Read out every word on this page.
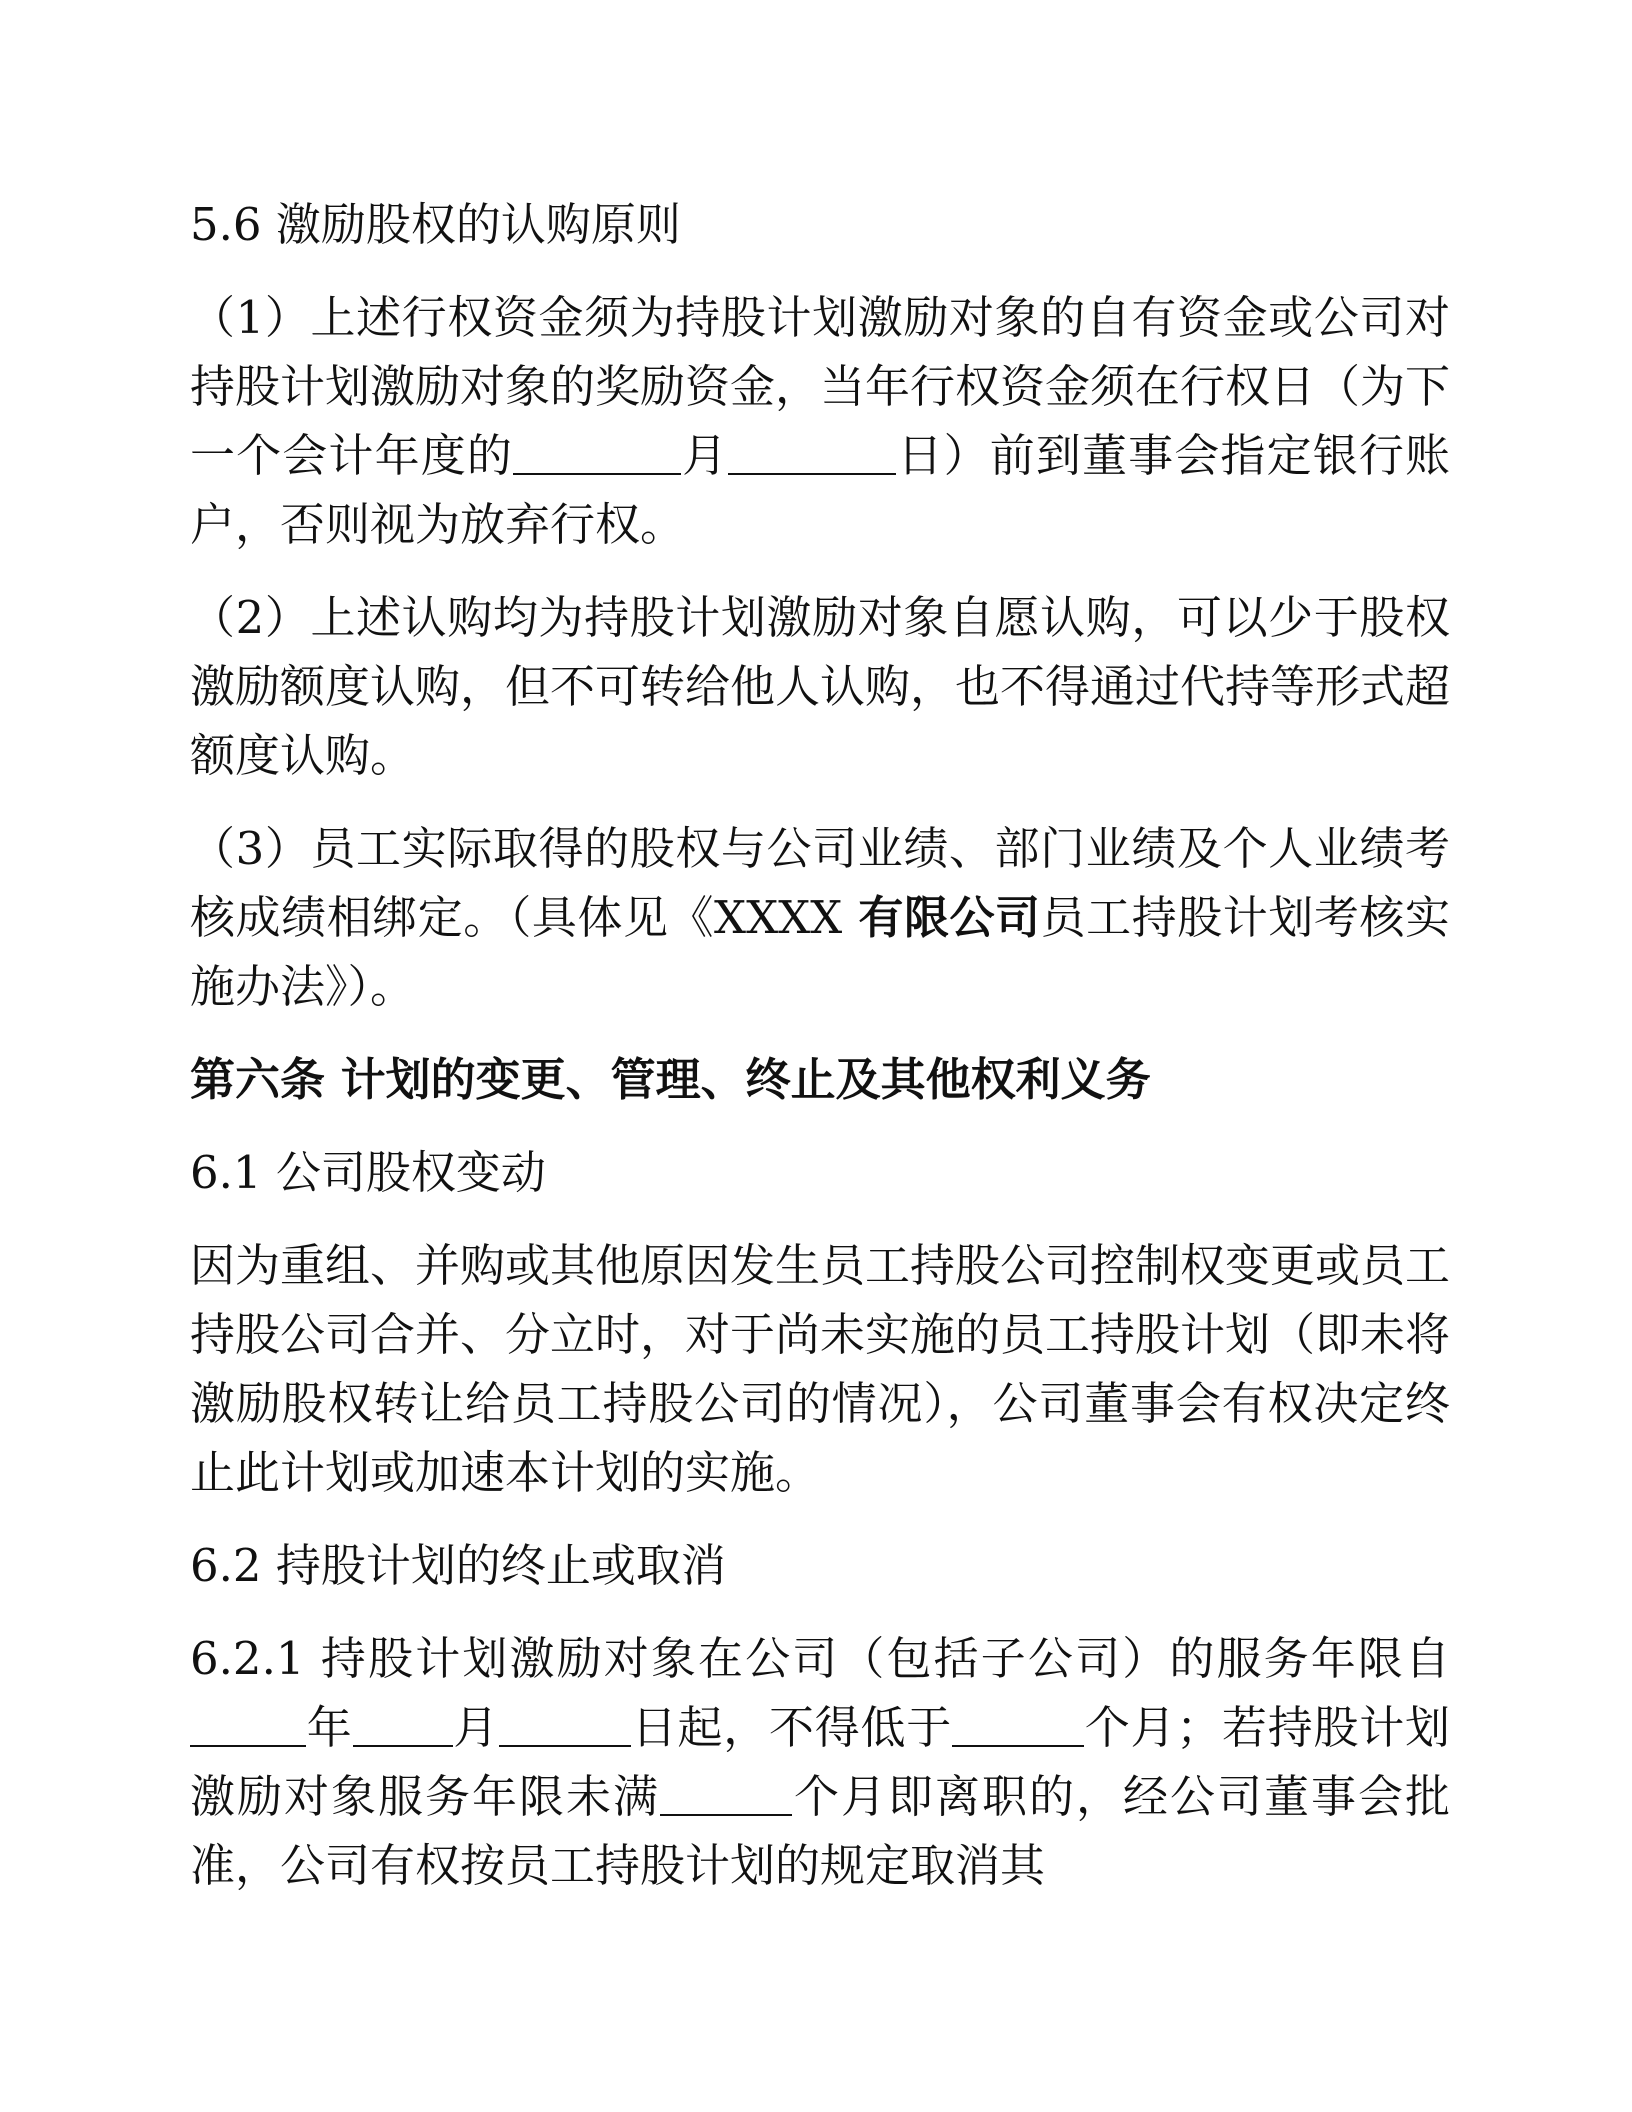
5.6 激励股权的认购原则

（1）上述行权资金须为持股计划激励对象的自有资金或公司对持股计划激励对象的奖励资金，当年行权资金须在行权日（为下一个会计年度的	月	日）前到董事会指定银行账户，否则视为放弃行权。

（2）上述认购均为持股计划激励对象自愿认购，可以少于股权激励额度认购，但不可转给他人认购，也不得通过代持等形式超额度认购。

（3）员工实际取得的股权与公司业绩、部门业绩及个人业绩考核成绩相绑定。（具体见《XXXX 有限公司员工持股计划考核实施办法》）。

第六条 计划的变更、管理、终止及其他权利义务

6.1 公司股权变动

因为重组、并购或其他原因发生员工持股公司控制权变更或员工持股公司合并、分立时，对于尚未实施的员工持股计划（即未将激励股权转让给员工持股公司的情况），公司董事会有权决定终止此计划或加速本计划的实施。

6.2 持股计划的终止或取消

6.2.1 持股计划激励对象在公司（包括子公司）的服务年限自年 月	日起，不得低于	个月；若持股计划激励对象服务年限未满	个月即离职的，经公司董事会批准，公司有权按员工持股计划的规定取消其
